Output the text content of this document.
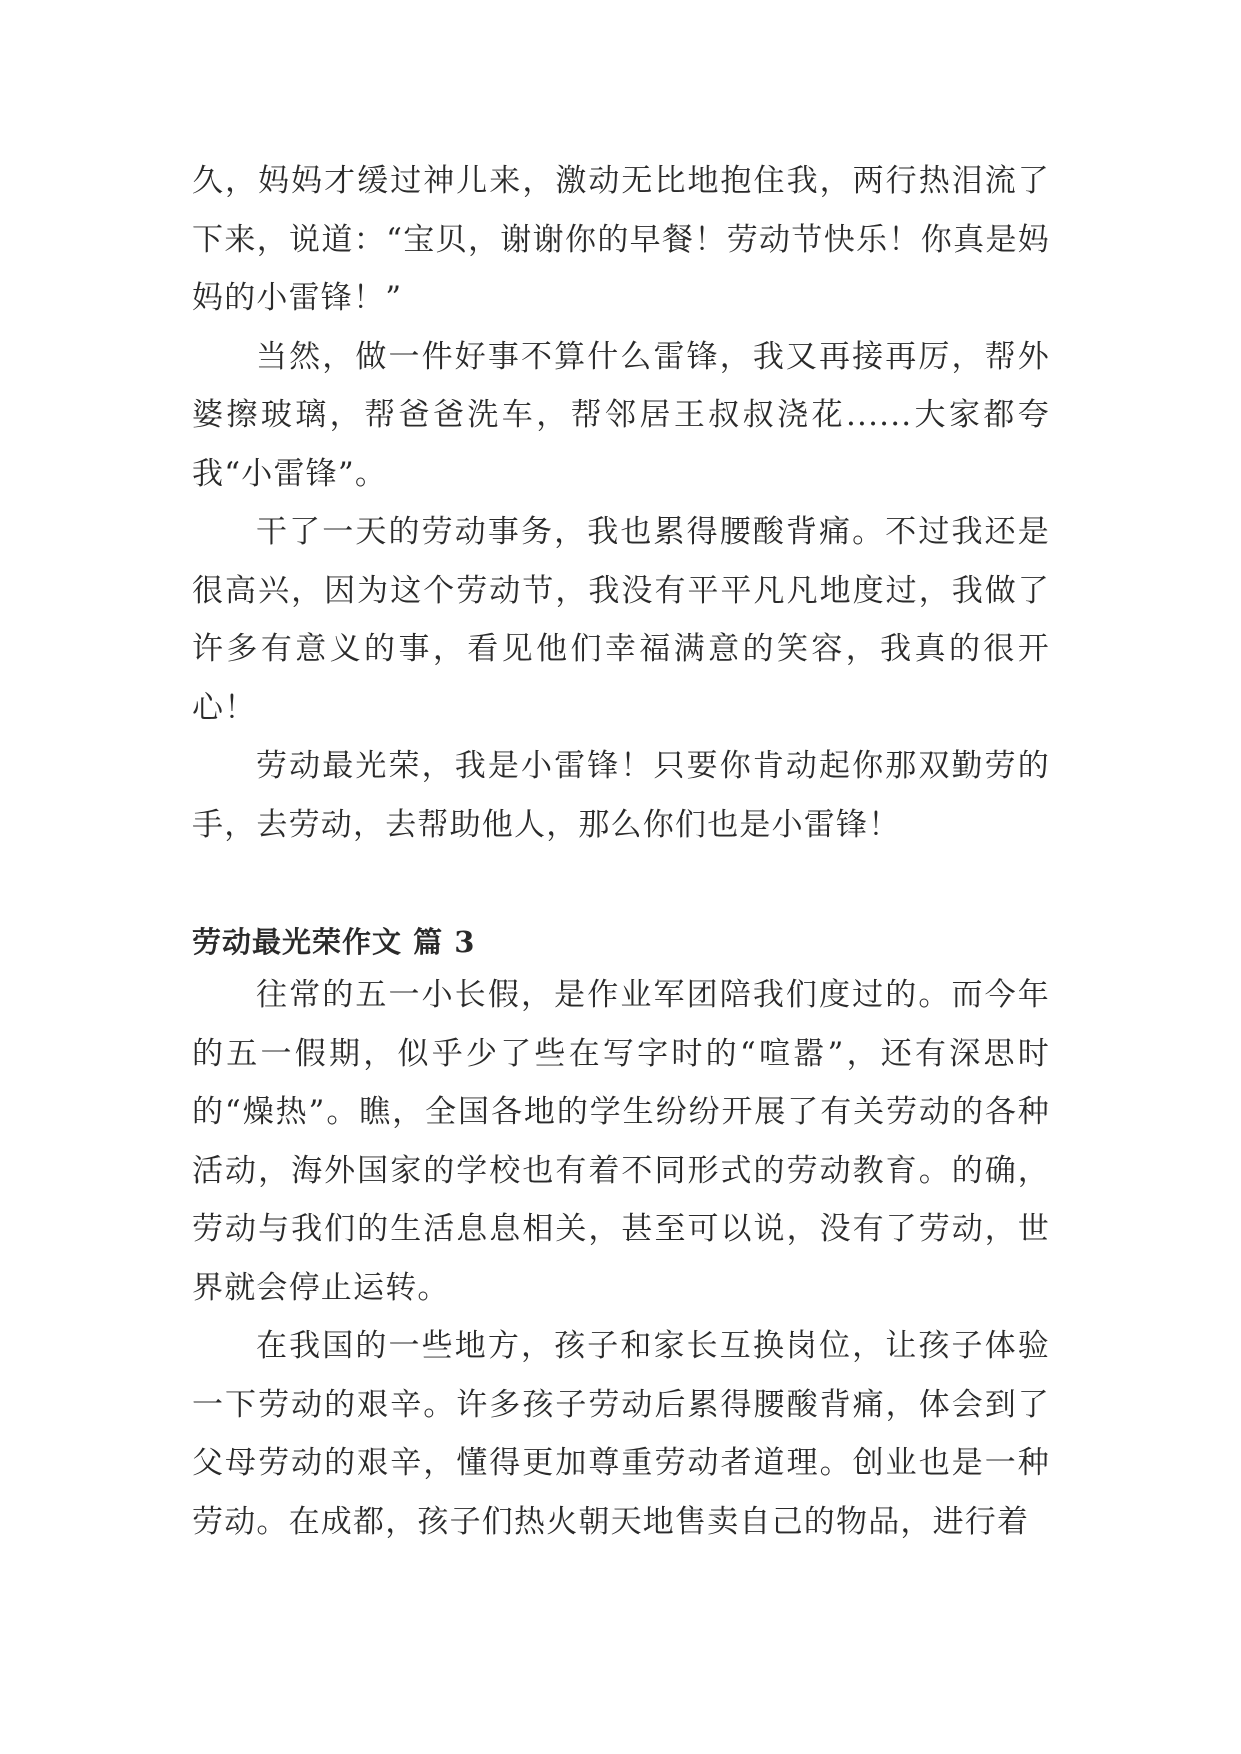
久，妈妈才缓过神儿来，激动无比地抱住我，两行热泪流了下来，说道：“宝贝，谢谢你的早餐！劳动节快乐！你真是妈妈的小雷锋！”

当然，做一件好事不算什么雷锋，我又再接再厉，帮外婆擦玻璃，帮爸爸洗车，帮邻居王叔叔浇花......大家都夸我“小雷锋”。

干了一天的劳动事务，我也累得腰酸背痛。不过我还是很高兴，因为这个劳动节，我没有平平凡凡地度过，我做了许多有意义的事，看见他们幸福满意的笑容，我真的很开心！

劳动最光荣，我是小雷锋！只要你肯动起你那双勤劳的手，去劳动，去帮助他人，那么你们也是小雷锋！

劳动最光荣作文 篇 3

往常的五一小长假，是作业军团陪我们度过的。而今年的五一假期，似乎少了些在写字时的“喧嚣”，还有深思时的“燥热”。瞧，全国各地的学生纷纷开展了有关劳动的各种活动，海外国家的学校也有着不同形式的劳动教育。的确，劳动与我们的生活息息相关，甚至可以说，没有了劳动，世界就会停止运转。

在我国的一些地方，孩子和家长互换岗位，让孩子体验一下劳动的艰辛。许多孩子劳动后累得腰酸背痛，体会到了父母劳动的艰辛，懂得更加尊重劳动者道理。创业也是一种劳动。在成都，孩子们热火朝天地售卖自己的物品，进行着
